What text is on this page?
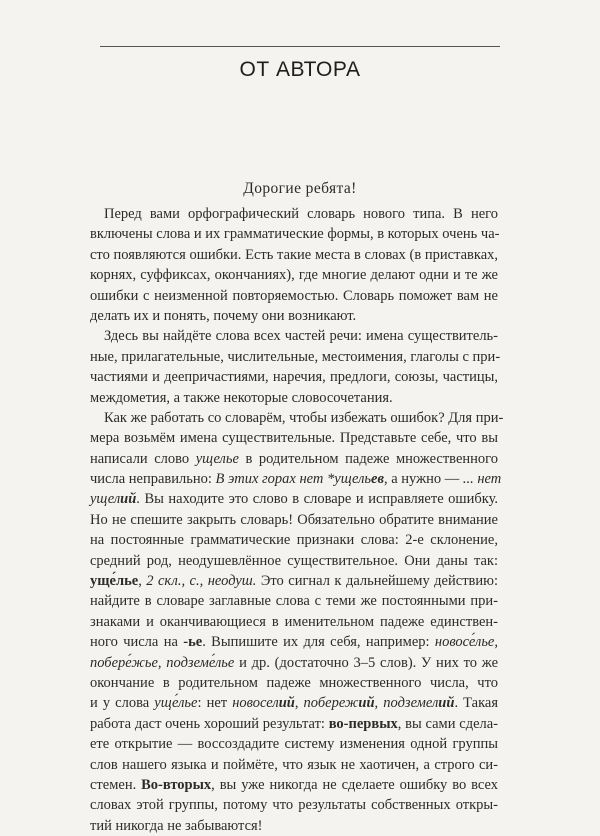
ОТ АВТОРА
Дорогие ребята!
Перед вами орфографический словарь нового типа. В него
включены слова и их грамматические формы, в которых очень ча-
сто появляются ошибки. Есть такие места в словах (в приставках,
корнях, суффиксах, окончаниях), где многие делают одни и те же
ошибки с неизменной повторяемостью. Словарь поможет вам не
делать их и понять, почему они возникают.
Здесь вы найдёте слова всех частей речи: имена существитель-
ные, прилагательные, числительные, местоимения, глаголы с при-
частиями и деепричастиями, наречия, предлоги, союзы, частицы,
междометия, а также некоторые словосочетания.
Как же работать со словарём, чтобы избежать ошибок? Для при-
мера возьмём имена существительные. Представьте себе, что вы
написали слово ущелье в родительном падеже множественного
числа неправильно: В этих горах нет *ущельев, а нужно — ... нет
ущелий. Вы находите это слово в словаре и исправляете ошибку.
Но не спешите закрыть словарь! Обязательно обратите внимание
на постоянные грамматические признаки слова: 2-е склонение,
средний род, неодушевлённое существительное. Они даны так:
уще́лье, 2 скл., с., неодуш. Это сигнал к дальнейшему действию:
найдите в словаре заглавные слова с теми же постоянными при-
знаками и оканчивающиеся в именительном падеже единствен-
ного числа на -ье. Выпишите их для себя, например: новосе́лье,
побере́жье, подземе́лье и др. (достаточно 3–5 слов). У них то же
окончание в родительном падеже множественного числа, что
и у слова уще́лье: нет новоселий, побережий, подземелий. Такая
работа даст очень хороший результат: во-первых, вы сами сдела-
ете открытие — воссоздадите систему изменения одной группы
слов нашего языка и поймёте, что язык не хаотичен, а строго си-
стемен. Во-вторых, вы уже никогда не сделаете ошибку во всех
словах этой группы, потому что результаты собственных откры-
тий никогда не забываются!
